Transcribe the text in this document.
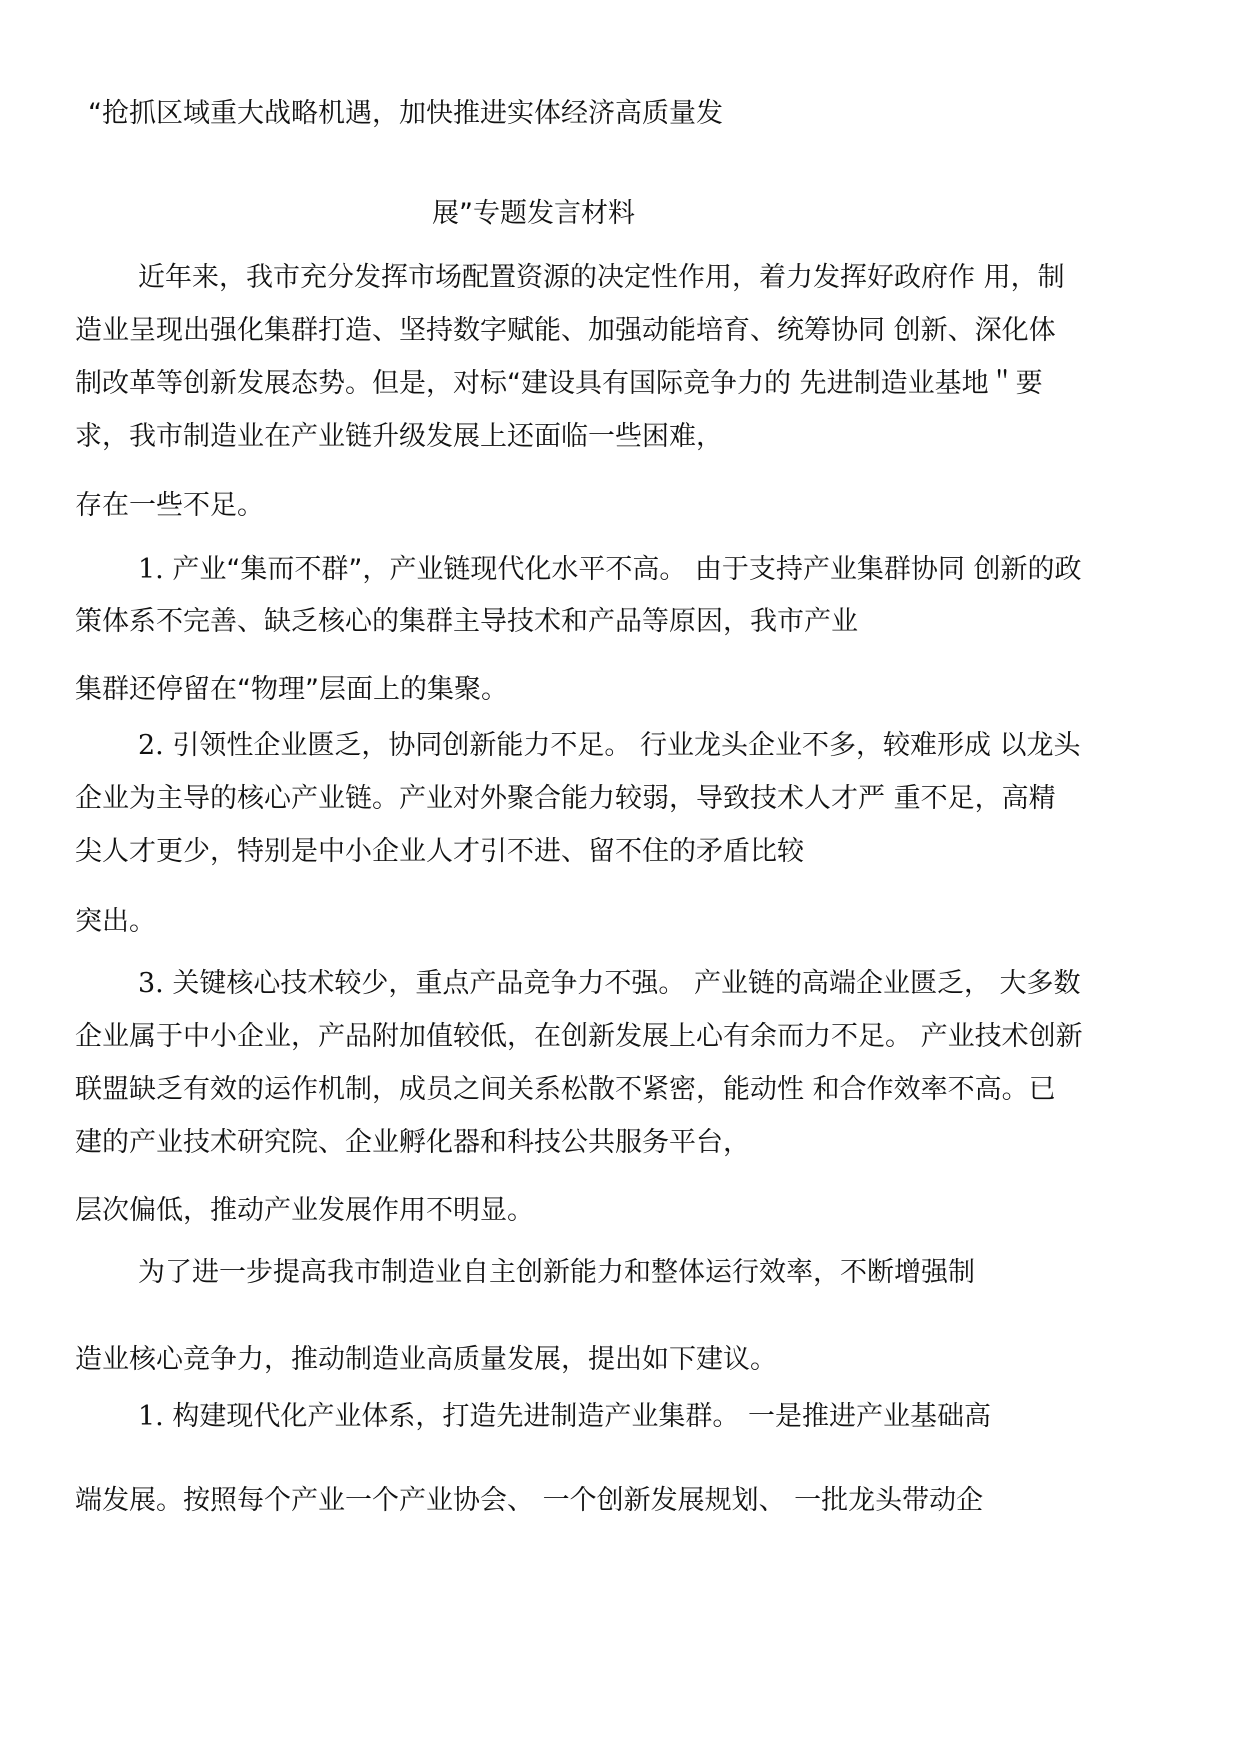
“抢抓区域重大战略机遇，加快推进实体经济高质量发
展”专题发言材料
近年来，我市充分发挥市场配置资源的决定性作用，着力发挥好政府作 用，制
造业呈现出强化集群打造、坚持数字赋能、加强动能培育、统筹协同 创新、深化体
制改革等创新发展态势。但是，对标“建设具有国际竞争力的 先进制造业基地＂要
求，我市制造业在产业链升级发展上还面临一些困难，
存在一些不足。
1. 产业“集而不群”，产业链现代化水平不高。 由于支持产业集群协同 创新的政
策体系不完善、缺乏核心的集群主导技术和产品等原因，我市产业
集群还停留在“物理”层面上的集聚。
2. 引领性企业匮乏，协同创新能力不足。 行业龙头企业不多，较难形成 以龙头
企业为主导的核心产业链。产业对外聚合能力较弱，导致技术人才严 重不足，高精
尖人才更少，特别是中小企业人才引不进、留不住的矛盾比较
突出。
3. 关键核心技术较少，重点产品竞争力不强。 产业链的高端企业匮乏， 大多数
企业属于中小企业，产品附加值较低，在创新发展上心有余而力不足。 产业技术创新
联盟缺乏有效的运作机制，成员之间关系松散不紧密，能动性 和合作效率不高。已
建的产业技术研究院、企业孵化器和科技公共服务平台，
层次偏低，推动产业发展作用不明显。
为了进一步提高我市制造业自主创新能力和整体运行效率，不断增强制
造业核心竞争力，推动制造业高质量发展，提出如下建议。
1. 构建现代化产业体系，打造先进制造产业集群。 一是推进产业基础高
端发展。按照每个产业一个产业协会、 一个创新发展规划、 一批龙头带动企
